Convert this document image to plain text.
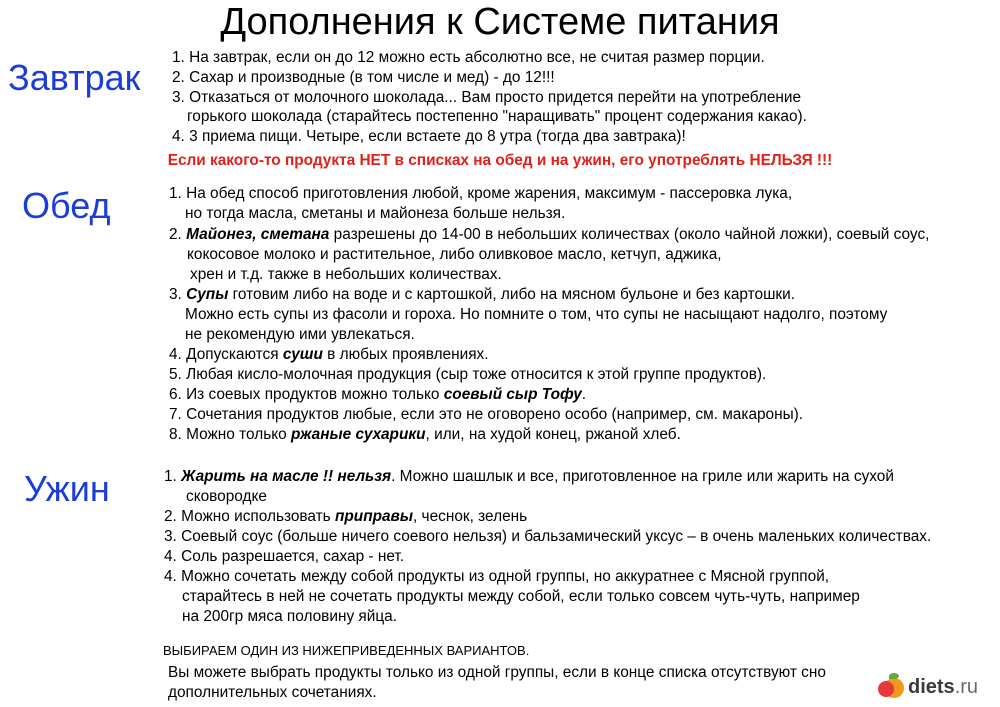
Дополнения к Системе питания
Завтрак 1. На завтрак, если он до 12 можно есть абсолютно все, не считая размер порции.
2. Сахар и производные (в том числе и мед) - до 12!!!
3. Отказаться от молочного шоколада... Вам просто придется перейти на употребление
горького шоколада (старайтесь постепенно "наращивать" процент содержания какао).
4. 3 приема пищи. Четыре, если встаете до 8 утра (тогда два завтрака)!
Если какого-то продукта НЕТ в списках на обед и на ужин, его употреблять НЕЛЬЗЯ !!!
Обед	1. На обед способ приготовления любой, кроме жарения, максимум - пассеровка лука,
но тогда масла, сметаны и майонеза больше нельзя.
2. Майонез, сметана разрешены до 14-00 в небольших количествах (около чайной ложки), соевый соус,
кокосовое молоко и растительное, либо оливковое масло, кетчуп, аджика,
хрен и т.д. также в небольших количествах.
3. Супы готовим либо на воде и с картошкой, либо на мясном бульоне и без картошки.
Можно есть супы из фасоли и гороха. Но помните о том, что супы не насыщают надолго, поэтому
не рекомендую ими увлекаться.
4. Допускаются суши в любых проявлениях.
5. Любая кисло-молочная продукция (сыр тоже относится к этой группе продуктов).
6. Из соевых продуктов можно только соевый сыр Тофу.
7. Сочетания продуктов любые, если это не оговорено особо (например, см. макароны).
8. Можно только ржаные сухарики, или, на худой конец, ржаной хлеб.
Ужин	1. Жарить на масле !! нельзя. Можно шашлык и все, приготовленное на гриле или жарить на сухой
сковородке
2. Можно использовать приправы, чеснок, зелень
3. Соевый соус (больше ничего соевого нельзя) и бальзамический уксус – в очень маленьких количествах.
4. Соль разрешается, сахар - нет.
4. Можно сочетать между собой продукты из одной группы, но аккуратнее с Мясной группой,
старайтесь в ней не сочетать продукты между собой, если только совсем чуть-чуть, например
на 200гр мяса половину яйца.
ВЫБИРАЕМ ОДИН ИЗ НИЖЕПРИВЕДЕННЫХ ВАРИАНТОВ.
Вы можете выбрать продукты только из одной группы, если в конце списка отсутствуют сно
дополнительных сочетаниях.	diets.ru
